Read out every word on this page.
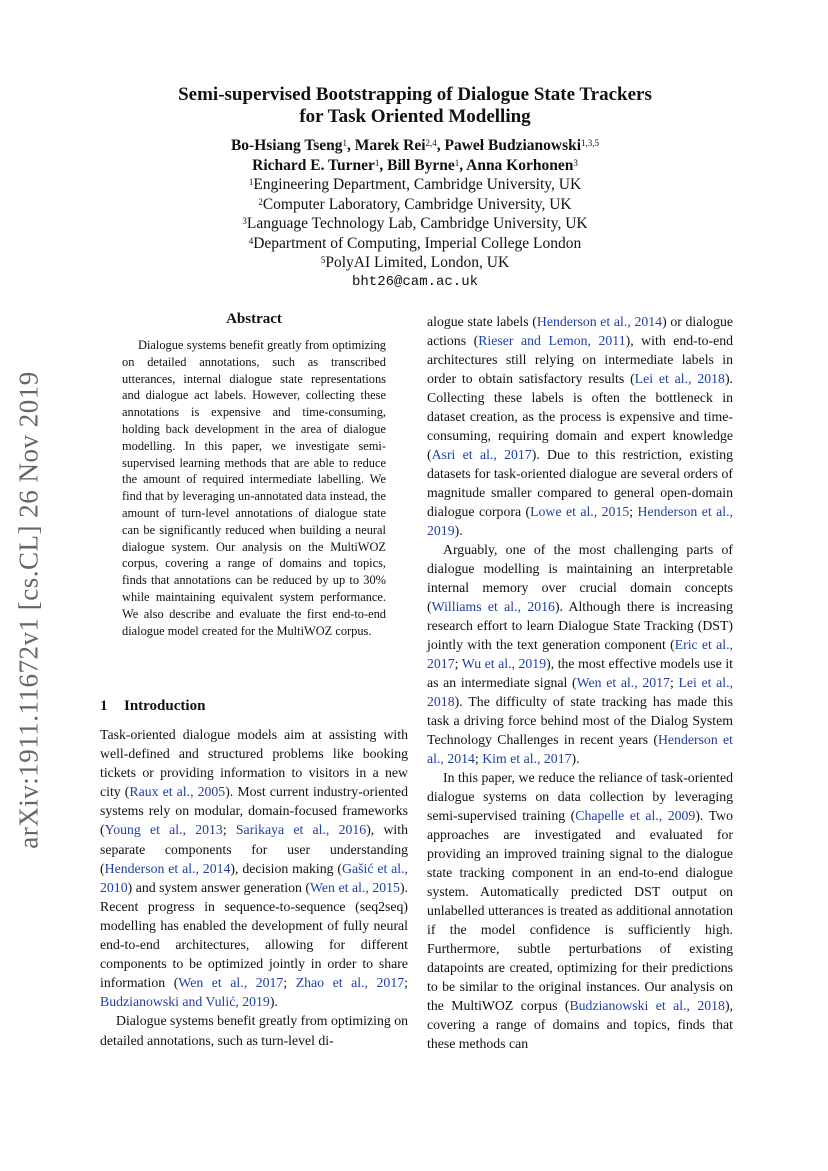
arXiv:1911.11672v1 [cs.CL] 26 Nov 2019
Semi-supervised Bootstrapping of Dialogue State Trackers
for Task Oriented Modelling
Bo-Hsiang Tseng$^1$, Marek Rei$^{2,4}$, Paweł Budzianowski$^{1,3,5}$
Richard E. Turner$^1$, Bill Byrne$^1$, Anna Korhonen$^3$
$^1$Engineering Department, Cambridge University, UK
$^2$Computer Laboratory, Cambridge University, UK
$^3$Language Technology Lab, Cambridge University, UK
$^4$Department of Computing, Imperial College London
$^5$PolyAI Limited, London, UK
bht26@cam.ac.uk
Abstract
Dialogue systems benefit greatly from optimizing on detailed annotations, such as transcribed utterances, internal dialogue state representations and dialogue act labels. However, collecting these annotations is expensive and time-consuming, holding back development in the area of dialogue modelling. In this paper, we investigate semi-supervised learning methods that are able to reduce the amount of required intermediate labelling. We find that by leveraging un-annotated data instead, the amount of turn-level annotations of dialogue state can be significantly reduced when building a neural dialogue system. Our analysis on the MultiWOZ corpus, covering a range of domains and topics, finds that annotations can be reduced by up to 30% while maintaining equivalent system performance. We also describe and evaluate the first end-to-end dialogue model created for the MultiWOZ corpus.
1 Introduction

Task-oriented dialogue models aim at assisting with well-defined and structured problems like booking tickets or providing information to visitors in a new city (Raux et al., 2005). Most current industry-oriented systems rely on modular, domain-focused frameworks (Young et al., 2013; Sarikaya et al., 2016), with separate components for user understanding (Henderson et al., 2014), decision making (Gašić et al., 2010) and system answer generation (Wen et al., 2015). Recent progress in sequence-to-sequence (seq2seq) modelling has enabled the development of fully neural end-to-end architectures, allowing for different components to be optimized jointly in order to share information (Wen et al., 2017; Zhao et al., 2017; Budzianowski and Vulić, 2019).

Dialogue systems benefit greatly from optimizing on detailed annotations, such as turn-level di-

alogue state labels (Henderson et al., 2014) or dialogue actions (Rieser and Lemon, 2011), with end-to-end architectures still relying on intermediate labels in order to obtain satisfactory results (Lei et al., 2018). Collecting these labels is often the bottleneck in dataset creation, as the process is expensive and time-consuming, requiring domain and expert knowledge (Asri et al., 2017). Due to this restriction, existing datasets for task-oriented dialogue are several orders of magnitude smaller compared to general open-domain dialogue corpora (Lowe et al., 2015; Henderson et al., 2019).

Arguably, one of the most challenging parts of dialogue modelling is maintaining an interpretable internal memory over crucial domain concepts (Williams et al., 2016). Although there is increasing research effort to learn Dialogue State Tracking (DST) jointly with the text generation component (Eric et al., 2017; Wu et al., 2019), the most effective models use it as an intermediate signal (Wen et al., 2017; Lei et al., 2018). The difficulty of state tracking has made this task a driving force behind most of the Dialog System Technology Challenges in recent years (Henderson et al., 2014; Kim et al., 2017).

In this paper, we reduce the reliance of task-oriented dialogue systems on data collection by leveraging semi-supervised training (Chapelle et al., 2009). Two approaches are investigated and evaluated for providing an improved training signal to the dialogue state tracking component in an end-to-end dialogue system. Automatically predicted DST output on unlabelled utterances is treated as additional annotation if the model confidence is sufficiently high. Furthermore, subtle perturbations of existing datapoints are created, optimizing for their predictions to be similar to the original instances. Our analysis on the MultiWOZ corpus (Budzianowski et al., 2018), covering a range of domains and topics, finds that these methods can
